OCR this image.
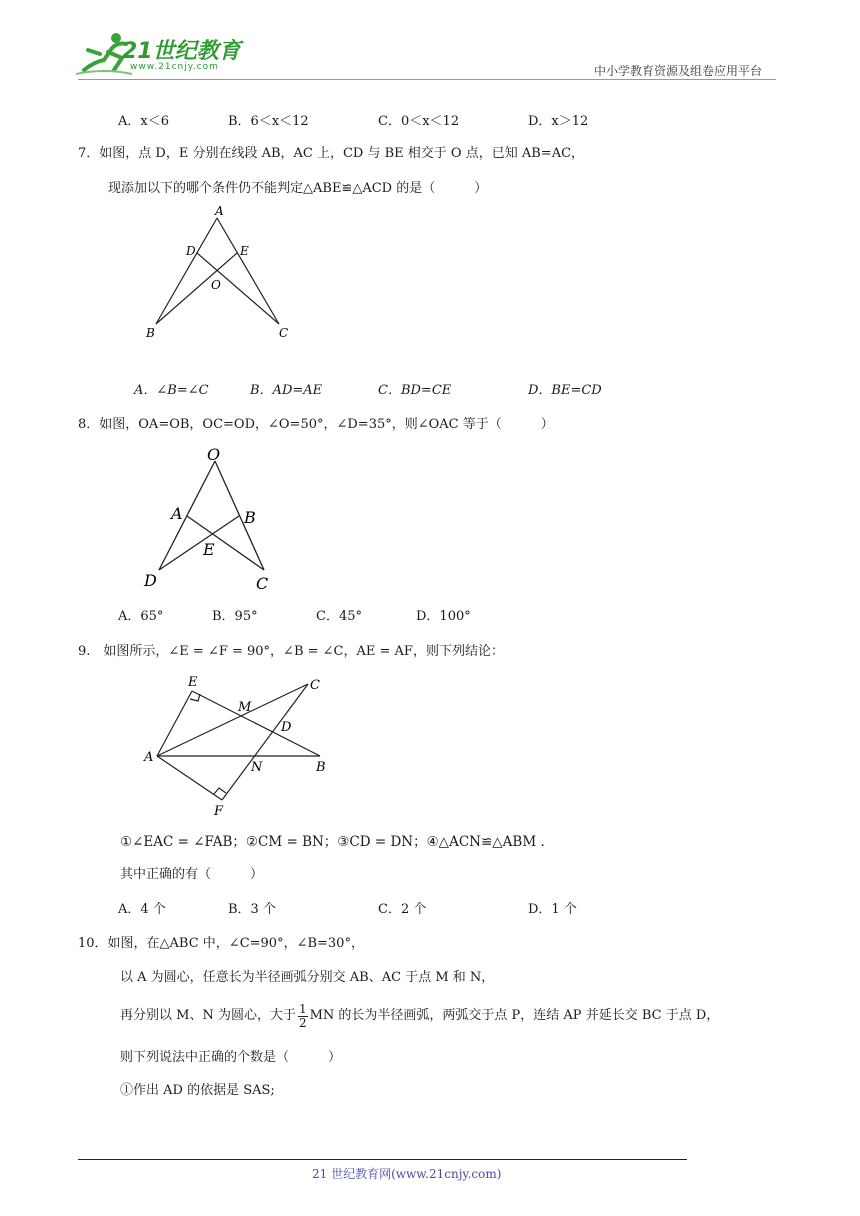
21世纪教育
www.21cnjy.com	中小学教育资源及组卷应用平台
A．x＜6	B．6＜x＜12	C．0＜x＜12	D．x＞12
7．如图，点 D，E 分别在线段 AB，AC 上，CD 与 BE 相交于 O 点，已知 AB=AC，
现添加以下的哪个条件仍不能判定△ABE≌△ACD 的是（　　　）
A
D	E
O
B	C
A．∠B=∠C	B．AD=AE	C．BD=CE	D．BE=CD
8．如图，OA=OB，OC=OD，∠O=50°，∠D=35°，则∠OAC 等于（　　　）
O
A	B
E
D	C
A．65°	B．95°	C．45°	D．100°
9.　如图所示，∠E = ∠F = 90°，∠B = ∠C，AE = AF，则下列结论：
E	C
M
D
A
N	B
F
①∠EAC = ∠FAB；②CM = BN；③CD = DN；④△ACN≌△ABM .
其中正确的有（　　　）
A．4 个	B．3 个	C．2 个	D．1 个
10．如图，在△ABC 中，∠C=90°，∠B=30°，
以 A 为圆心，任意长为半径画弧分别交 AB、AC 于点 M 和 N，
再分别以 M、N 为圆心，大于 $\frac{1}{2}$ MN 的长为半径画弧，两弧交于点 P，连结 AP 并延长交 BC 于点 D，
则下列说法中正确的个数是（　　　）
①作出 AD 的依据是 SAS;
21 世纪教育网(www.21cnjy.com)
